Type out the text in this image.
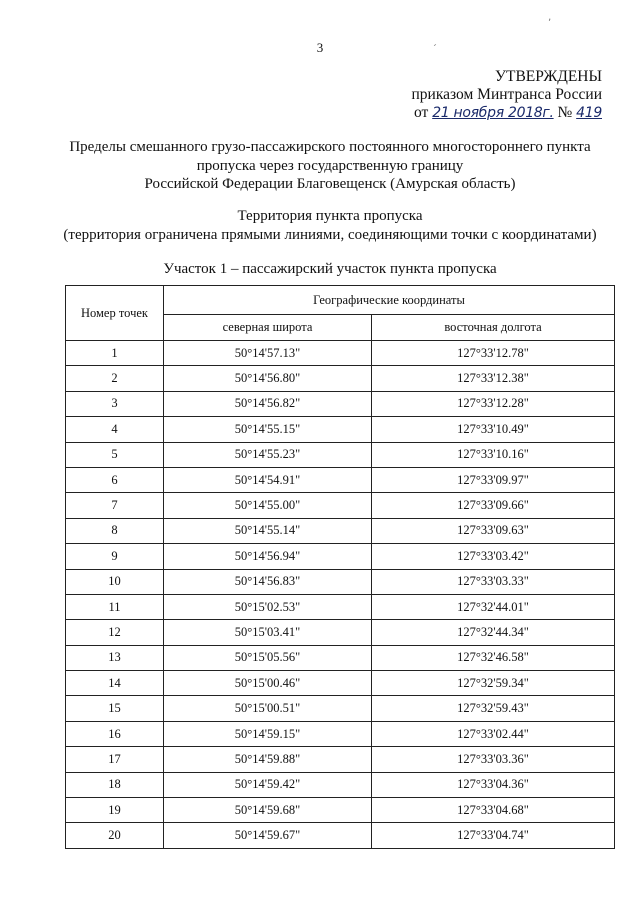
3
УТВЕРЖДЕНЫ
приказом Минтранса России
от 21 ноября 2018г. № 419
Пределы смешанного грузо-пассажирского постоянного многостороннего пункта
пропуска через государственную границу
Российской Федерации Благовещенск (Амурская область)
Территория пункта пропуска
(территория ограничена прямыми линиями, соединяющими точки с координатами)
Участок 1 – пассажирский участок пункта пропуска
Номер точек	Географические координаты	
	северная широта	восточная долгота
1	50°14'57.13"	127°33'12.78"
2	50°14'56.80"	127°33'12.38"
3	50°14'56.82"	127°33'12.28"
4	50°14'55.15"	127°33'10.49"
5	50°14'55.23"	127°33'10.16"
6	50°14'54.91"	127°33'09.97"
7	50°14'55.00"	127°33'09.66"
8	50°14'55.14"	127°33'09.63"
9	50°14'56.94"	127°33'03.42"
10	50°14'56.83"	127°33'03.33"
11	50°15'02.53"	127°32'44.01"
12	50°15'03.41"	127°32'44.34"
13	50°15'05.56"	127°32'46.58"
14	50°15'00.46"	127°32'59.34"
15	50°15'00.51"	127°32'59.43"
16	50°14'59.15"	127°33'02.44"
17	50°14'59.88"	127°33'03.36"
18	50°14'59.42"	127°33'04.36"
19	50°14'59.68"	127°33'04.68"
20	50°14'59.67"	127°33'04.74"
´
‚
